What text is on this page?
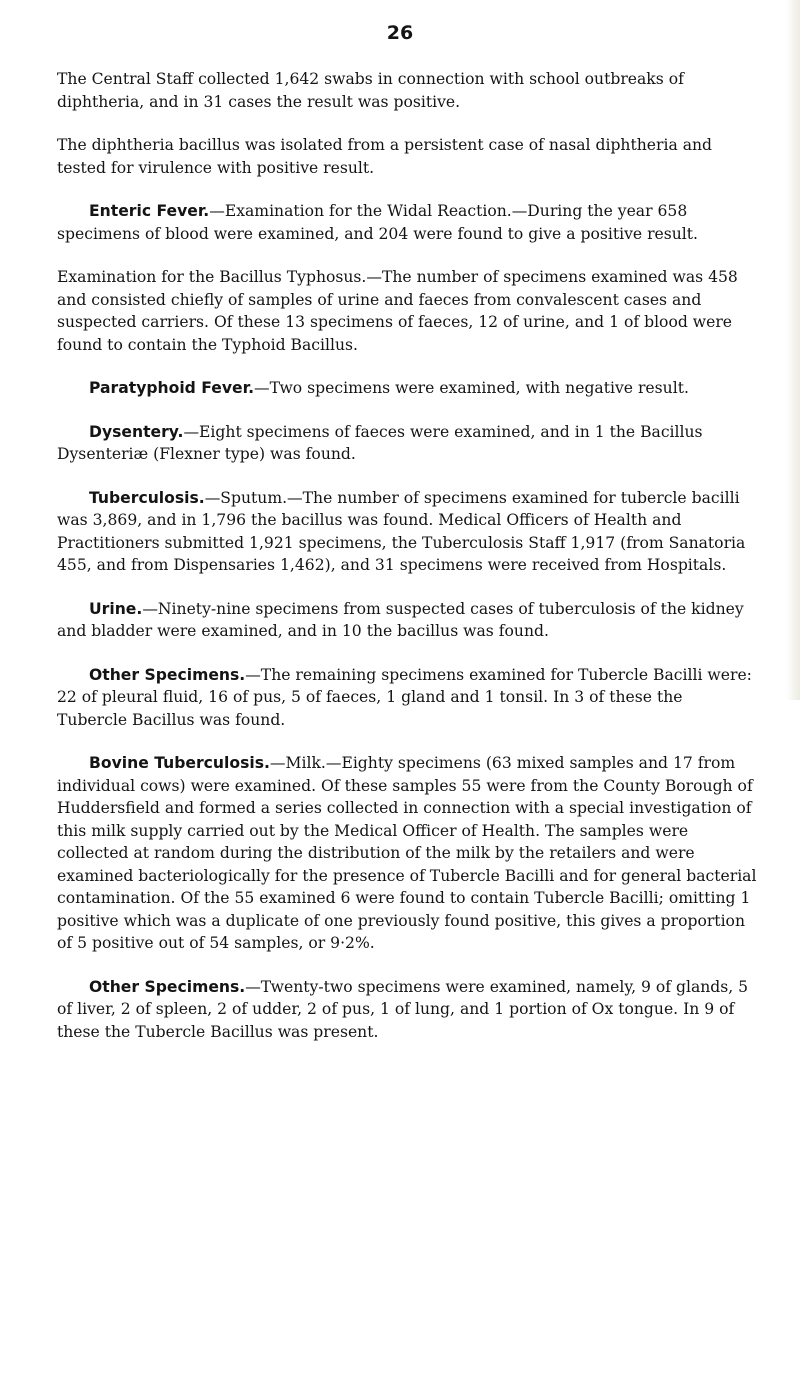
26

The Central Staff collected 1,642 swabs in connection with school outbreaks of diphtheria, and in 31 cases the result was positive.

The diphtheria bacillus was isolated from a persistent case of nasal diphtheria and tested for virulence with positive result.

Enteric Fever.—Examination for the Widal Reaction.—During the year 658 specimens of blood were examined, and 204 were found to give a positive result.

Examination for the Bacillus Typhosus.—The number of specimens examined was 458 and consisted chiefly of samples of urine and faeces from convalescent cases and suspected carriers. Of these 13 specimens of faeces, 12 of urine, and 1 of blood were found to contain the Typhoid Bacillus.

Paratyphoid Fever.—Two specimens were examined, with negative result.

Dysentery.—Eight specimens of faeces were examined, and in 1 the Bacillus Dysenteriæ (Flexner type) was found.

Tuberculosis.—Sputum.—The number of specimens examined for tubercle bacilli was 3,869, and in 1,796 the bacillus was found. Medical Officers of Health and Practitioners submitted 1,921 specimens, the Tuberculosis Staff 1,917 (from Sanatoria 455, and from Dispensaries 1,462), and 31 specimens were received from Hospitals.

Urine.—Ninety-nine specimens from suspected cases of tuberculosis of the kidney and bladder were examined, and in 10 the bacillus was found.

Other Specimens.—The remaining specimens examined for Tubercle Bacilli were: 22 of pleural fluid, 16 of pus, 5 of faeces, 1 gland and 1 tonsil. In 3 of these the Tubercle Bacillus was found.

Bovine Tuberculosis.—Milk.—Eighty specimens (63 mixed samples and 17 from individual cows) were examined. Of these samples 55 were from the County Borough of Huddersfield and formed a series collected in connection with a special investigation of this milk supply carried out by the Medical Officer of Health. The samples were collected at random during the distribution of the milk by the retailers and were examined bacteriologically for the presence of Tubercle Bacilli and for general bacterial contamination. Of the 55 examined 6 were found to contain Tubercle Bacilli; omitting 1 positive which was a duplicate of one previously found positive, this gives a proportion of 5 positive out of 54 samples, or 9·2%.

Other Specimens.—Twenty-two specimens were examined, namely, 9 of glands, 5 of liver, 2 of spleen, 2 of udder, 2 of pus, 1 of lung, and 1 portion of Ox tongue. In 9 of these the Tubercle Bacillus was present.
